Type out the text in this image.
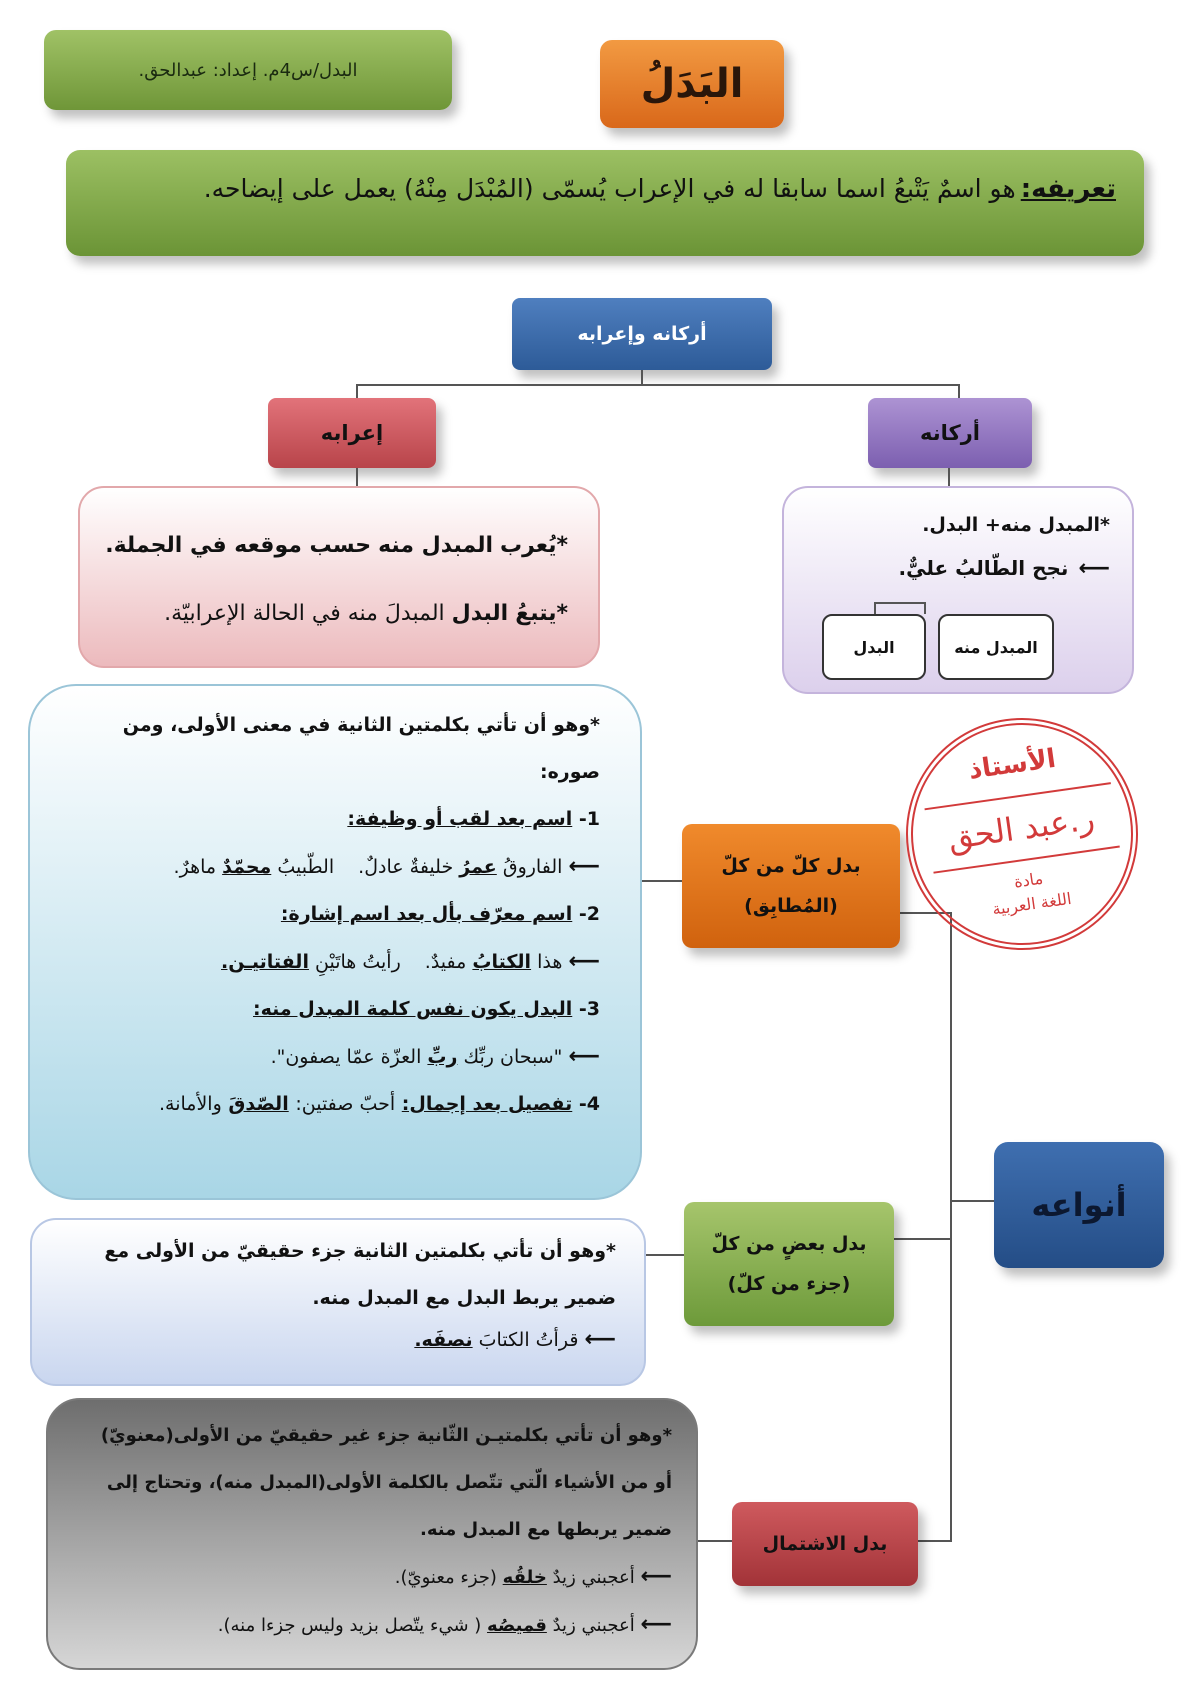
البدل/س4م. إعداد: عبدالحق.	البَدَلُ
تعريفه: هو اسمٌ يَتْبعُ اسما سابقا له في الإعراب يُسمّى (المُبْدَل مِنْهُ) يعمل على إيضاحه.
أركانه وإعرابه
إعرابه	أركانه
*يُعرب المبدل منه حسب موقعه في الجملة.
*يتبعُ البدل المبدلَ منه في الحالة الإعرابيّة.
*المبدل منه+ البدل.
⟵
نجح الطّالبُ عليٌّ.
المبدل منه
البدل
أنواعه
بدل كلّ من كلّ
(المُطابِق)
*وهو أن تأتي بكلمتين الثانية في معنى الأولى، ومن
صوره:
1- اسم بعد لقب أو وظيفة:
⟵ الفاروقُ عمرُ خليفةٌ عادلٌ. الطّبيبُ محمّدٌ ماهرٌ.
2- اسم معرّف بأل بعد اسم إشارة:
⟵ هذا الكتابُ مفيدٌ. رأيتُ هاتَيْنِ الفتاتيـن.
3- البدل يكون نفس كلمة المبدل منه:
⟵ "سبحان ربِّك ربِّ العزّة عمّا يصفون".
4- تفصيل بعد إجمال: أحبّ صفتين: الصّدقَ والأمانة.
بدل بعضٍ من كلّ
(جزء من كلّ)
*وهو أن تأتي بكلمتين الثانية جزء حقيقيّ من الأولى مع
ضمير يربط البدل مع المبدل منه.
⟵ قرأتُ الكتابَ نصفَه.
بدل الاشتمال
*وهو أن تأتي بكلمتيـن الثّانية جزء غير حقيقيّ من الأولى(معنويّ)
أو من الأشياء الّتي تتّصل بالكلمة الأولى(المبدل منه)، وتحتاج إلى
ضمير يربطها مع المبدل منه.
⟵ أعجبني زيدٌ خلقُه (جزء معنويّ).
⟵ أعجبني زيدٌ قميصُه ( شيء يتّصل بزيد وليس جزءا منه).
الأستاذ
ر.عبد الحق
مادة
اللغة العربية
